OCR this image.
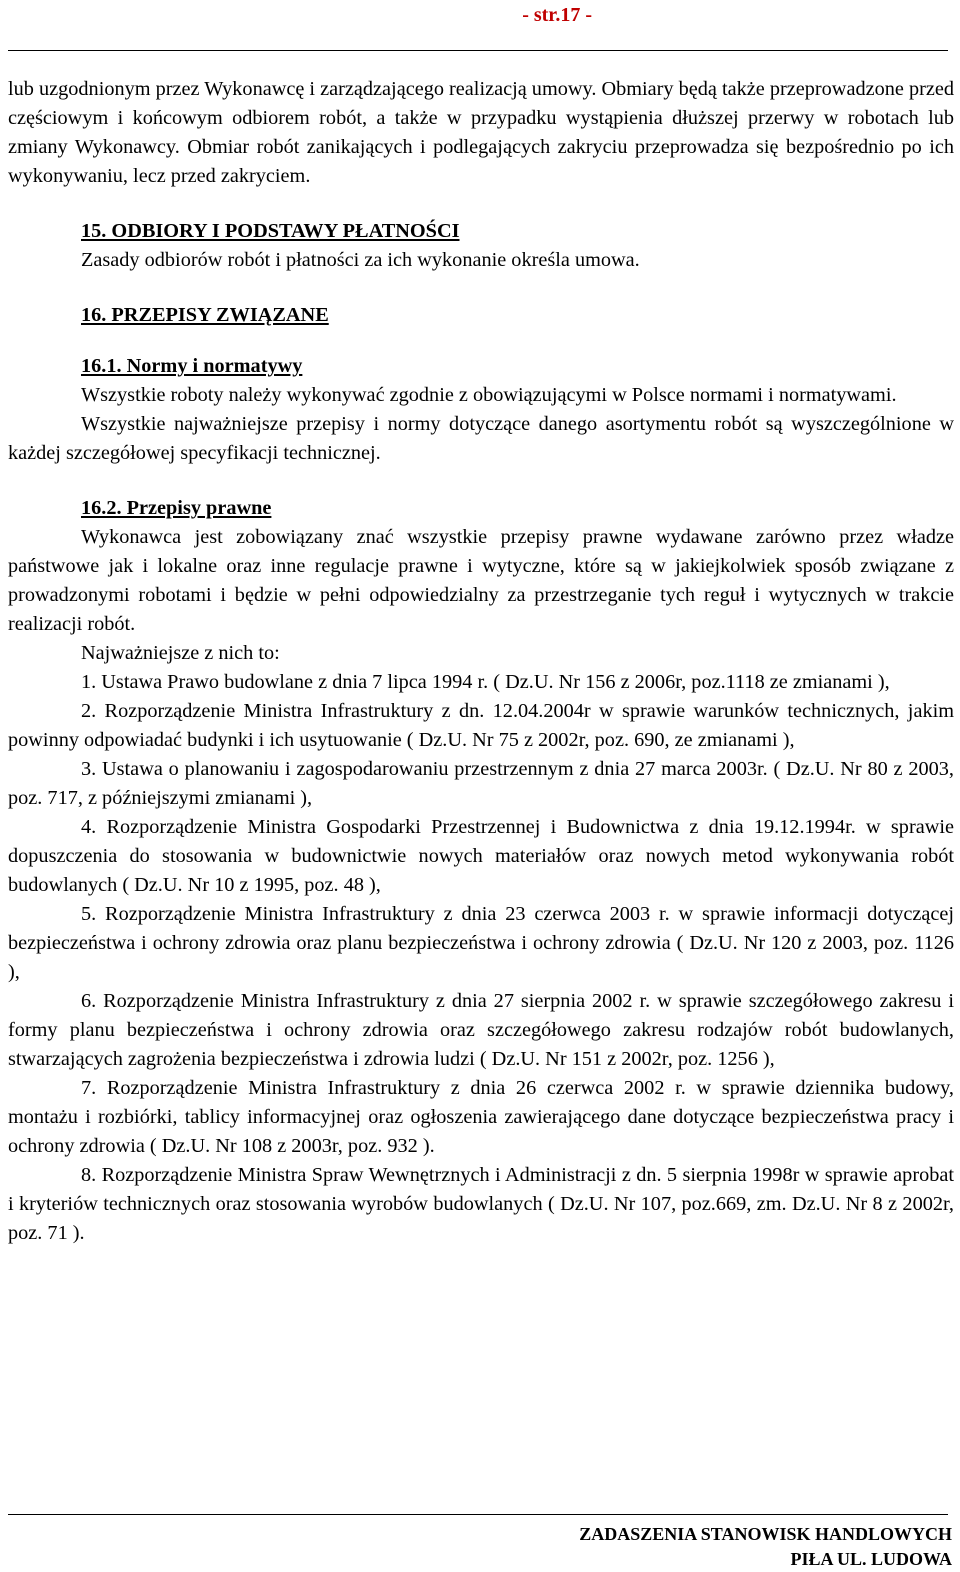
- str.17 -

lub uzgodnionym przez Wykonawcę i zarządzającego realizacją umowy. Obmiary będą także przeprowadzone przed częściowym i końcowym odbiorem robót, a także w przypadku wystąpienia dłuższej przerwy w robotach lub zmiany Wykonawcy. Obmiar robót zanikających i podlegających zakryciu przeprowadza się bezpośrednio po ich wykonywaniu, lecz przed zakryciem.

15. ODBIORY I PODSTAWY PŁATNOŚCI

Zasady odbiorów robót i płatności za ich wykonanie określa umowa.

16. PRZEPISY ZWIĄZANE
16.1. Normy i normatywy

Wszystkie roboty należy wykonywać zgodnie z obowiązującymi w Polsce normami i normatywami.

Wszystkie najważniejsze przepisy i normy dotyczące danego asortymentu robót są wyszczególnione w każdej szczegółowej specyfikacji technicznej.

16.2. Przepisy prawne

Wykonawca jest zobowiązany znać wszystkie przepisy prawne wydawane zarówno przez władze państwowe jak i lokalne oraz inne regulacje prawne i wytyczne, które są w jakiejkolwiek sposób związane z prowadzonymi robotami i będzie w pełni odpowiedzialny za przestrzeganie tych reguł i wytycznych w trakcie realizacji robót.

Najważniejsze z nich to:

1. Ustawa Prawo budowlane z dnia 7 lipca 1994 r. ( Dz.U. Nr 156 z 2006r, poz.1118 ze zmianami ),

2. Rozporządzenie Ministra Infrastruktury z dn. 12.04.2004r w sprawie warunków technicznych, jakim powinny odpowiadać budynki i ich usytuowanie ( Dz.U. Nr 75 z 2002r, poz. 690, ze zmianami ),

3. Ustawa o planowaniu i zagospodarowaniu przestrzennym z dnia 27 marca 2003r. ( Dz.U. Nr 80 z 2003, poz. 717, z późniejszymi zmianami ),

4. Rozporządzenie Ministra Gospodarki Przestrzennej i Budownictwa z dnia 19.12.1994r. w sprawie dopuszczenia do stosowania w budownictwie nowych materiałów oraz nowych metod wykonywania robót budowlanych ( Dz.U. Nr 10 z 1995, poz. 48 ),

5. Rozporządzenie Ministra Infrastruktury z dnia 23 czerwca 2003 r. w sprawie informacji dotyczącej bezpieczeństwa i ochrony zdrowia oraz planu bezpieczeństwa i ochrony zdrowia ( Dz.U. Nr 120 z 2003, poz. 1126 ),

6. Rozporządzenie Ministra Infrastruktury z dnia 27 sierpnia 2002 r. w sprawie szczegółowego zakresu i formy planu bezpieczeństwa i ochrony zdrowia oraz szczegółowego zakresu rodzajów robót budowlanych, stwarzających zagrożenia bezpieczeństwa i zdrowia ludzi ( Dz.U. Nr 151 z 2002r, poz. 1256 ),

7. Rozporządzenie Ministra Infrastruktury z dnia 26 czerwca 2002 r. w sprawie dziennika budowy, montażu i rozbiórki, tablicy informacyjnej oraz ogłoszenia zawierającego dane dotyczące bezpieczeństwa pracy i ochrony zdrowia ( Dz.U. Nr 108 z 2003r, poz. 932 ).

8. Rozporządzenie Ministra Spraw Wewnętrznych i Administracji z dn. 5 sierpnia 1998r w sprawie aprobat i kryteriów technicznych oraz stosowania wyrobów budowlanych ( Dz.U. Nr 107, poz.669, zm. Dz.U. Nr 8 z 2002r, poz. 71 ).

ZADASZENIA STANOWISK HANDLOWYCH
PIŁA UL. LUDOWA
